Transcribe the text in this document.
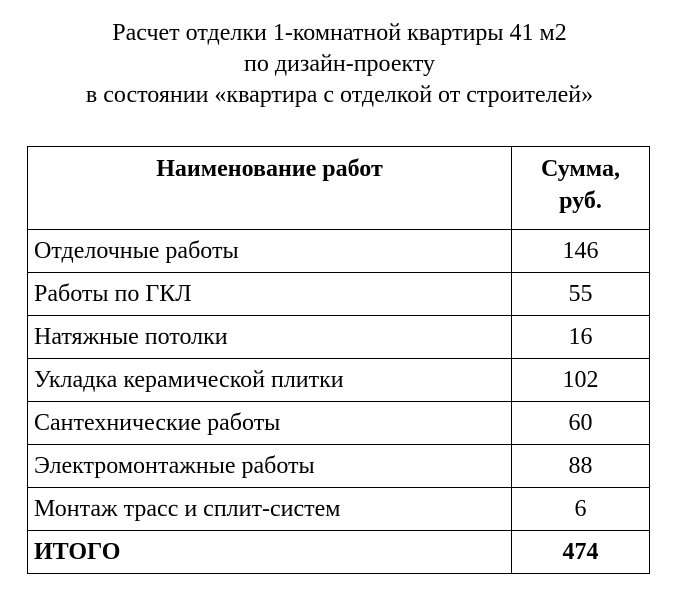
Расчет отделки 1-комнатной квартиры 41 м2
по дизайн-проекту
в состоянии «квартира с отделкой от строителей»
Наименование работ	Сумма,
руб.
Отделочные работы	146
Работы по ГКЛ	55
Натяжные потолки	16
Укладка керамической плитки	102
Сантехнические работы	60
Электромонтажные работы	88
Монтаж трасс и сплит-систем	6
ИТОГО	474
